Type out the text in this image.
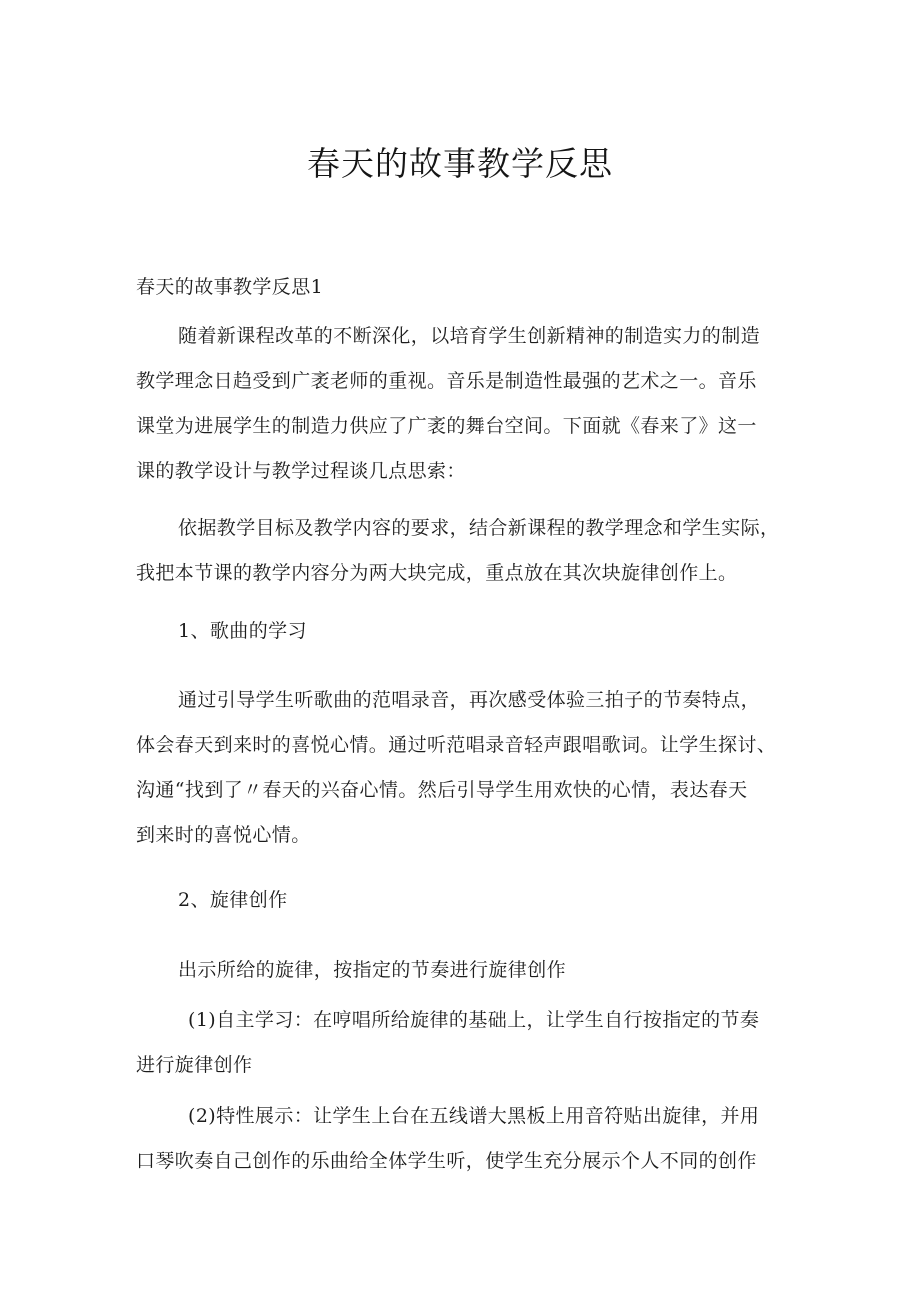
春天的故事教学反思
春天的故事教学反思1
随着新课程改革的不断深化，以培育学生创新精神的制造实力的制造
教学理念日趋受到广袤老师的重视。音乐是制造性最强的艺术之一。音乐
课堂为进展学生的制造力供应了广袤的舞台空间。下面就《春来了》这一
课的教学设计与教学过程谈几点思索：
依据教学目标及教学内容的要求，结合新课程的教学理念和学生实际，
我把本节课的教学内容分为两大块完成，重点放在其次块旋律创作上。
1、歌曲的学习
通过引导学生听歌曲的范唱录音，再次感受体验三拍子的节奏特点，
体会春天到来时的喜悦心情。通过听范唱录音轻声跟唱歌词。让学生探讨、
沟通“找到了〃春天的兴奋心情。然后引导学生用欢快的心情，表达春天
到来时的喜悦心情。
2、旋律创作
出示所给的旋律，按指定的节奏进行旋律创作
(1)自主学习：在哼唱所给旋律的基础上，让学生自行按指定的节奏
进行旋律创作
(2)特性展示：让学生上台在五线谱大黑板上用音符贴出旋律，并用
口琴吹奏自己创作的乐曲给全体学生听，使学生充分展示个人不同的创作
